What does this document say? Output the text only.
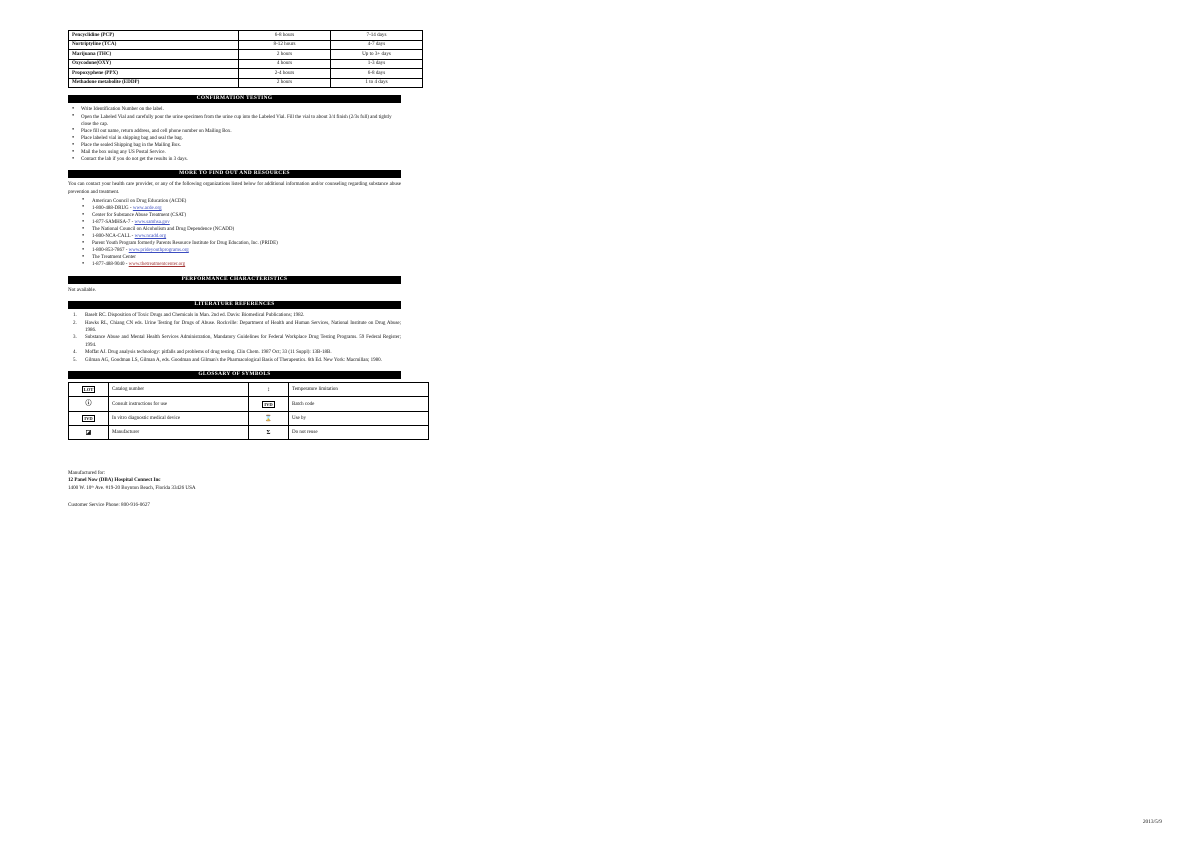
Pencyclidine (PCP)	6-8 hours	7-14 days
Nortriptyline (TCA)	8-12 hours	4-7 days
Marijuana (THC)	2 hours	Up to 3+ days
Oxycodone(OXY)	4 hours	1-3 days
Propoxyphene (PPX)	2-4 hours	6-8 days
Methadone metabolite (EDDP)	2 hours	1 to 4 days
CONFIRMATION TESTING
● Write Identification Number on the label.
● Open the Labeled Vial and carefully pour the urine specimen from the urine cup into the Labeled Vial. Fill the vial to about 3/4 finish (2/3s full) and tightly close the cap.
● Place fill out name, return address, and cell phone number on Mailing Box.
● Place labeled vial in shipping bag and seal the bag.
● Place the sealed Shipping bag in the Mailing Box.
● Mail the box using any US Postal Service.
● Contact the lab if you do not get the results in 3 days.
MORE TO FIND OUT AND RESOURCES

You can contact your health care provider, or any of the following organizations listed below for additional information and/or counseling regarding substance abuse prevention and treatment.

● American Council on Drug Education (ACDE)
● 1-800-488-DRUG - www.acde.org
● Center for Substance Abuse Treatment (CSAT)
● 1-877-SAMHSA-7 - www.samhsa.gov
● The National Council on Alcoholism and Drug Dependence (NCADD)
● 1-800-NCA-CALL - www.ncadd.org
● Parent Youth Program formerly Parents Resource Institute for Drug Education, Inc. (PRIDE)
● 1-800-853-7867 - www.prideyouthprograms.org
● The Treatment Center
● 1-877-488-9040 - www.thetreatmentcenter.org
PERFORMANCE CHARACTERISTICS

Not available.

LITERATURE REFERENCES
Baselt RC. Disposition of Toxic Drugs and Chemicals in Man. 2nd ed. Davis: Biomedical Publications; 1982.
Hawks RL, Chiang CN eds. Urine Testing for Drugs of Abuse. Rockville: Department of Health and Human Services, National Institute on Drug Abuse; 1986.
Substance Abuse and Mental Health Services Administration, Mandatory Guidelines for Federal Workplace Drug Testing Programs. 59 Federal Register; 1994.
Moffat AJ. Drug analysis technology: pitfalls and problems of drug testing. Clin Chem. 1987 Oct; 33 (11 Suppl): 13B-18B.
Gilman AG, Goodman LS, Gilman A, eds. Goodman and Gilman's the Pharmacological Basis of Therapeutics. 6th Ed. New York: Macmillan; 1980.
GLOSSARY OF SYMBOLS
LOT	Catalog number	↕	Temperature limitation
ⓘ	Consult instructions for use	IVD	Batch code
IVD	In vitro diagnostic medical device	⌛	Use by
◪	Manufacturer	Σ	Do not reuse
Manufactured for:
12 Panel Now (DBA) Hospital Connect Inc
1400 W. 10ᵗʰ Ave. #19-20 Boynton Beach, Florida 33426 USA
Customer Service Phone: 800-916-0627
2013/5/9
